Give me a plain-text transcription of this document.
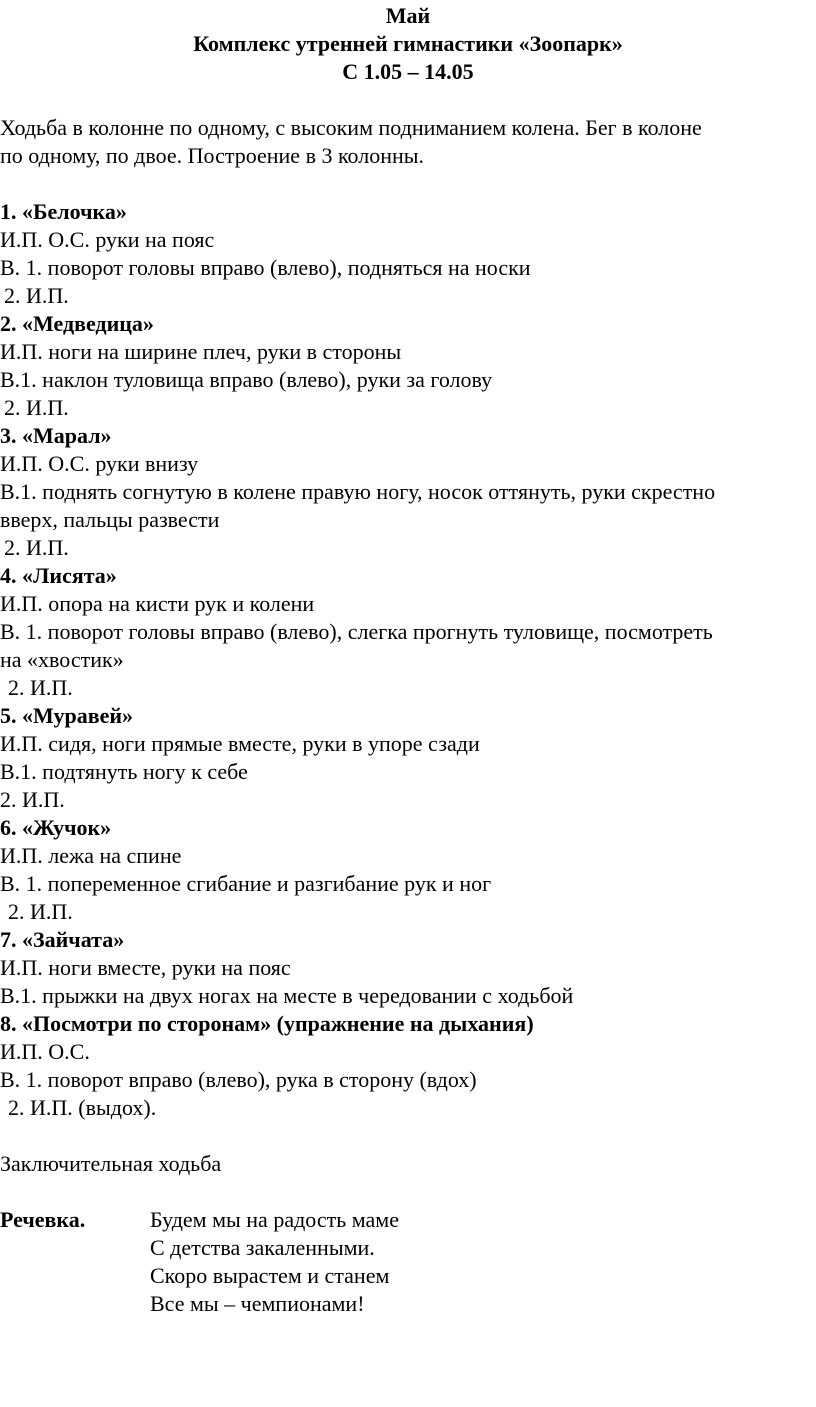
Май
Комплекс утренней гимнастики «Зоопарк»
С 1.05 – 14.05
Ходьба в колонне по одному, с высоким подниманием колена. Бег в колоне
по одному, по двое. Построение в 3 колонны.
1. «Белочка»
И.П. О.С. руки на пояс
В. 1. поворот головы вправо (влево), подняться на носки
2. И.П.
2. «Медведица»
И.П. ноги на ширине плеч, руки в стороны
В.1. наклон туловища вправо (влево), руки за голову
2. И.П.
3. «Марал»
И.П. О.С. руки внизу
В.1. поднять согнутую в колене правую ногу, носок оттянуть, руки скрестно
вверх, пальцы развести
2. И.П.
4. «Лисята»
И.П. опора на кисти рук и колени
В. 1. поворот головы вправо (влево), слегка прогнуть туловище, посмотреть
на «хвостик»
2. И.П.
5. «Муравей»
И.П. сидя, ноги прямые вместе, руки в упоре сзади
В.1. подтянуть ногу к себе
2. И.П.
6. «Жучок»
И.П. лежа на спине
В. 1. попеременное сгибание и разгибание рук и ног
2. И.П.
7. «Зайчата»
И.П. ноги вместе, руки на пояс
В.1. прыжки на двух ногах на месте в чередовании с ходьбой
8. «Посмотри по сторонам» (упражнение на дыхания)
И.П. О.С.
В. 1. поворот вправо (влево), рука в сторону (вдох)
2. И.П. (выдох).
Заключительная ходьба
Речевка.	Будем мы на радость маме
С детства закаленными.
Скоро вырастем и станем
Все мы – чемпионами!
